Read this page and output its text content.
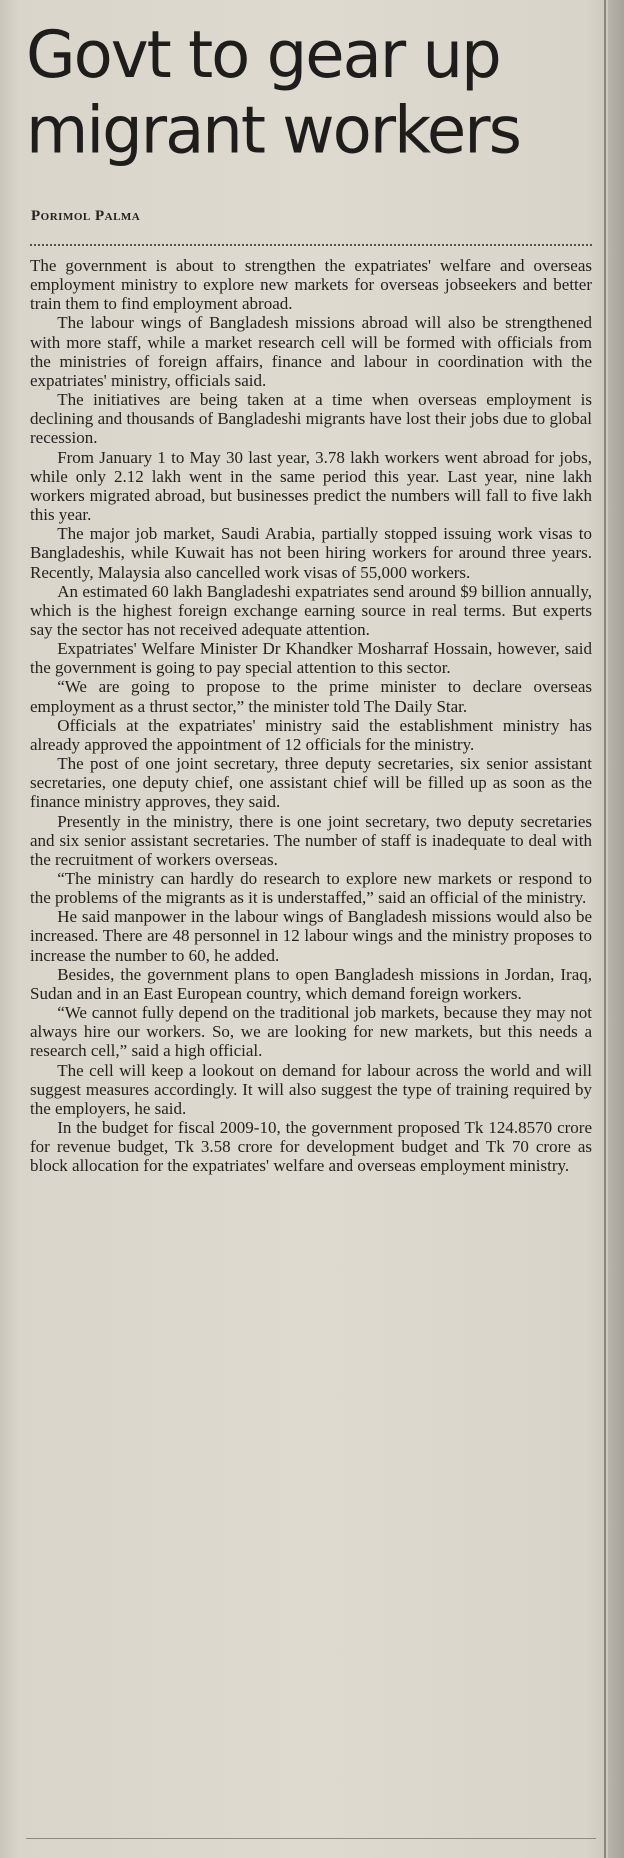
Govt to gear up migrant workers
Porimol Palma

The government is about to strengthen the expatriates' welfare and overseas employment ministry to explore new markets for overseas jobseekers and better train them to find employment abroad.

The labour wings of Bangladesh missions abroad will also be strengthened with more staff, while a market research cell will be formed with officials from the ministries of foreign affairs, finance and labour in coordination with the expatriates' ministry, officials said.

The initiatives are being taken at a time when overseas employment is declining and thousands of Bangladeshi migrants have lost their jobs due to global recession.

From January 1 to May 30 last year, 3.78 lakh workers went abroad for jobs, while only 2.12 lakh went in the same period this year. Last year, nine lakh workers migrated abroad, but businesses predict the numbers will fall to five lakh this year.

The major job market, Saudi Arabia, partially stopped issuing work visas to Bangladeshis, while Kuwait has not been hiring workers for around three years. Recently, Malaysia also cancelled work visas of 55,000 workers.

An estimated 60 lakh Bangladeshi expatriates send around $9 billion annually, which is the highest foreign exchange earning source in real terms. But experts say the sector has not received adequate attention.

Expatriates' Welfare Minister Dr Khandker Mosharraf Hossain, however, said the government is going to pay special attention to this sector.

“We are going to propose to the prime minister to declare overseas employment as a thrust sector,” the minister told The Daily Star.

Officials at the expatriates' ministry said the establishment ministry has already approved the appointment of 12 officials for the ministry.

The post of one joint secretary, three deputy secretaries, six senior assistant secretaries, one deputy chief, one assistant chief will be filled up as soon as the finance ministry approves, they said.

Presently in the ministry, there is one joint secretary, two deputy secretaries and six senior assistant secretaries. The number of staff is inadequate to deal with the recruitment of workers overseas.

“The ministry can hardly do research to explore new markets or respond to the problems of the migrants as it is understaffed,” said an official of the ministry.

He said manpower in the labour wings of Bangladesh missions would also be increased. There are 48 personnel in 12 labour wings and the ministry proposes to increase the number to 60, he added.

Besides, the government plans to open Bangladesh missions in Jordan, Iraq, Sudan and in an East European country, which demand foreign workers.

“We cannot fully depend on the traditional job markets, because they may not always hire our workers. So, we are looking for new markets, but this needs a research cell,” said a high official.

The cell will keep a lookout on demand for labour across the world and will suggest measures accordingly. It will also suggest the type of training required by the employers, he said.

In the budget for fiscal 2009-10, the government proposed Tk 124.8570 crore for revenue budget, Tk 3.58 crore for development budget and Tk 70 crore as block allocation for the expatriates' welfare and overseas employment ministry.
